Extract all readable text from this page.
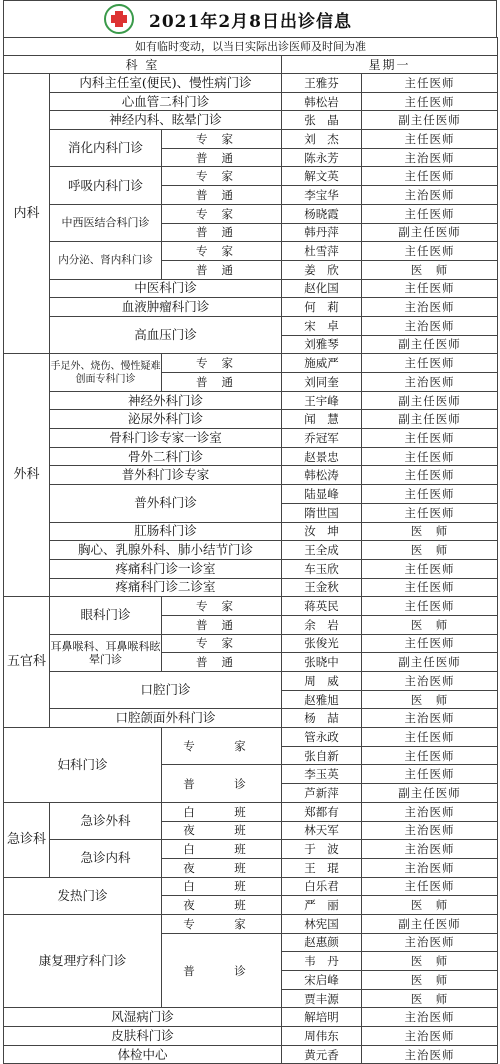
2021年2月8日出诊信息
如有临时变动，以当日实际出诊医师及时间为准				
科 室			星期一	
内科	内科主任室(便民)、慢性病门诊		王雅芬	主任医师
	心血管二科门诊		韩松岩	主任医师
	神经内科、眩晕门诊		张　晶	副主任医师
	消化内科门诊	专家	刘　杰	主任医师
		普通	陈永芳	主治医师
	呼吸内科门诊	专家	解文英	主任医师
		普通	李宝华	主治医师
	中西医结合科门诊	专家	杨晓霞	主任医师
		普通	韩丹萍	副主任医师
	内分泌、肾内科门诊	专家	杜雪萍	主任医师
		普通	姜　欣	医　师
	中医科门诊		赵化国	主任医师
	血液肿瘤科门诊		何　莉	主治医师
	高血压门诊		宋　卓	主治医师
			刘雅琴	副主任医师
外科	手足外、烧伤、慢性疑难创面专科门诊	专家	施威严	主任医师
		普通	刘同奎	主治医师
	神经外科门诊		王宇峰	副主任医师
	泌尿外科门诊		闻　慧	副主任医师
	骨科门诊专家一诊室		乔冠军	主任医师
	骨外二科门诊		赵景忠	主任医师
	普外科门诊专家		韩松涛	主任医师
	普外科门诊		陆显峰	主任医师
			隋世国	主任医师
	肛肠科门诊		汝　坤	医　师
	胸心、乳腺外科、肺小结节门诊		王全成	医　师
	疼痛科门诊一诊室		车玉欣	主任医师
	疼痛科门诊二诊室		王金秋	主任医师
五官科	眼科门诊	专家	蒋英民	主任医师
		普通	余　岩	医　师
	耳鼻喉科、耳鼻喉科眩晕门诊	专家	张俊光	主任医师
		普通	张晓中	副主任医师
	口腔门诊		周　威	主治医师
			赵雅旭	医　师
	口腔颌面外科门诊		杨　喆	主治医师
妇科门诊		专　家	管永政	主任医师
			张自新	主任医师
		普　诊	李玉英	主任医师
			芦新萍	副主任医师
急诊科	急诊外科	白　班	郑都有	主治医师
		夜　班	林天军	主治医师
	急诊内科	白　班	于　波	主治医师
		夜　班	王　琨	主治医师
发热门诊		白　班	白乐君	主任医师
		夜　班	严　丽	医　师
康复理疗科门诊		专　家	林宪国	副主任医师
		普　诊	赵惠颜	主治医师
			韦　丹	医　师
			宋启峰	医　师
			贾丰源	医　师
风湿病门诊			解培明	主治医师
皮肤科门诊			周伟东	主治医师
体检中心			黄元香	主治医师
